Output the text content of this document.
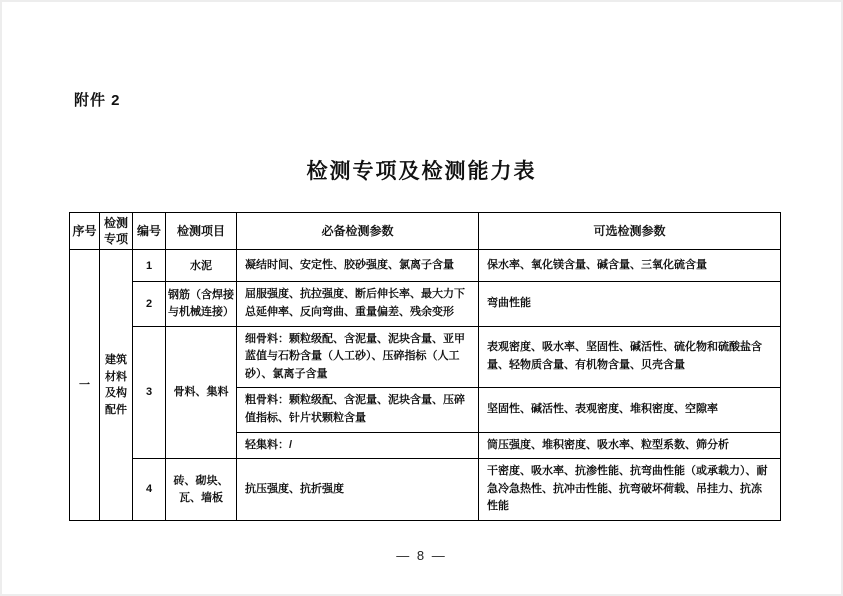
附件 2
检测专项及检测能力表
序号	检测专项	编号	检测项目	必备检测参数	可选检测参数
一	建筑材料及构配件	1	水泥	凝结时间、安定性、胶砂强度、氯离子含量	保水率、氧化镁含量、碱含量、三氧化硫含量
		2	钢筋（含焊接与机械连接）	屈服强度、抗拉强度、断后伸长率、最大力下总延伸率、反向弯曲、重量偏差、残余变形	弯曲性能
		3	骨料、集料	细骨料：颗粒级配、含泥量、泥块含量、亚甲蓝值与石粉含量（人工砂）、压碎指标（人工砂）、氯离子含量	表观密度、吸水率、坚固性、碱活性、硫化物和硫酸盐含量、轻物质含量、有机物含量、贝壳含量
				粗骨料：颗粒级配、含泥量、泥块含量、压碎值指标、针片状颗粒含量	坚固性、碱活性、表观密度、堆积密度、空隙率
				轻集料：/	筒压强度、堆积密度、吸水率、粒型系数、筛分析
		4	砖、砌块、瓦、墙板	抗压强度、抗折强度	干密度、吸水率、抗渗性能、抗弯曲性能（或承载力）、耐急冷急热性、抗冲击性能、抗弯破坏荷载、吊挂力、抗冻性能
— 8 —
